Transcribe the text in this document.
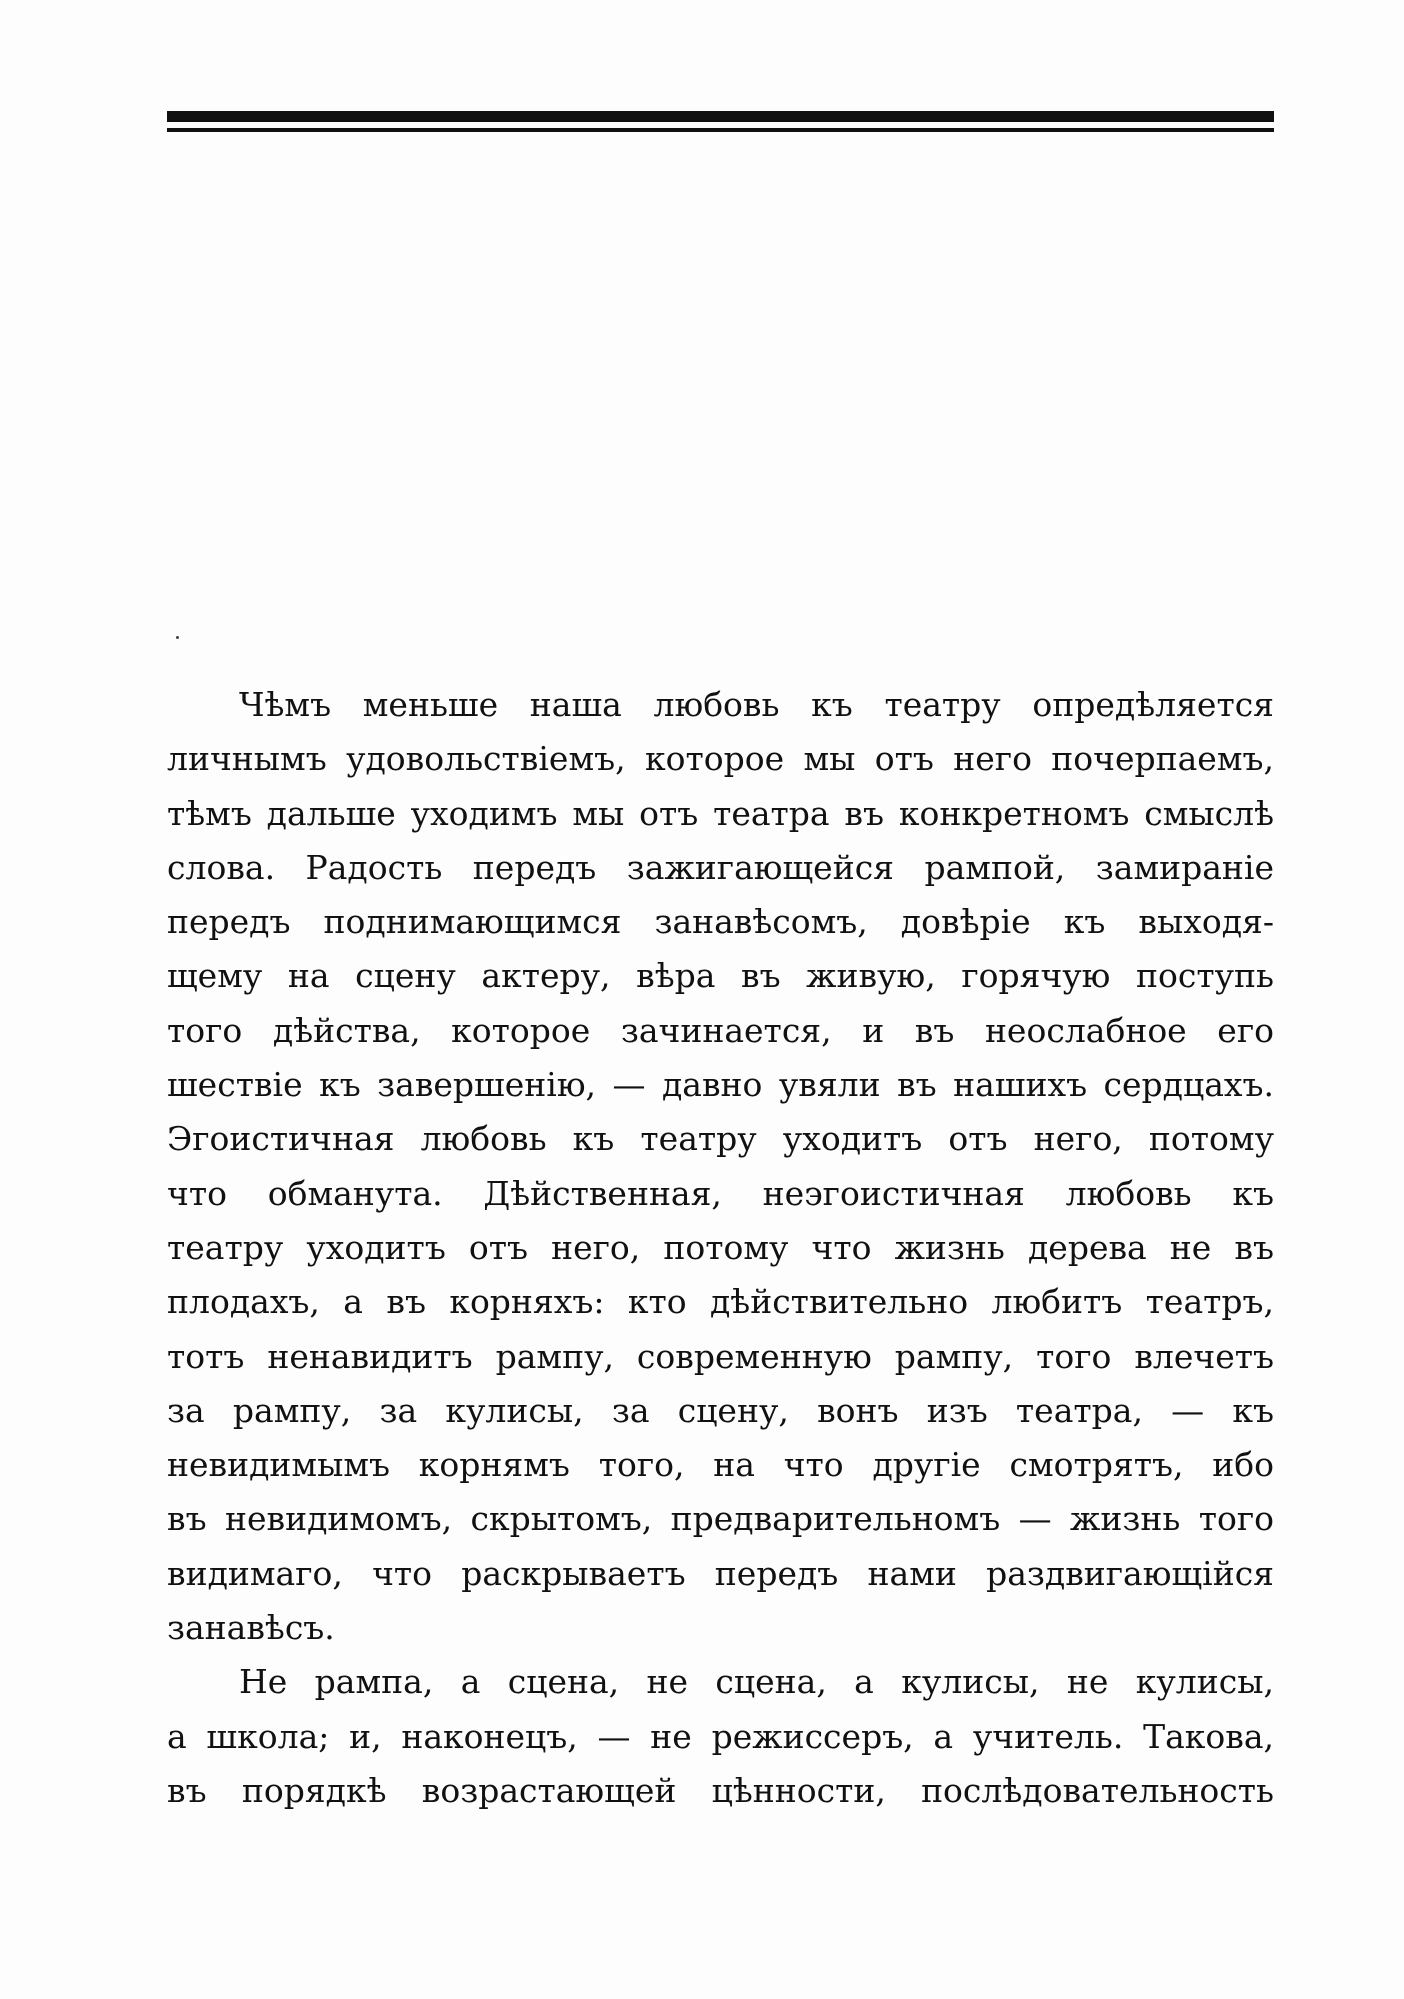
Чѣмъ меньше наша любовь къ театру опредѣляется
личнымъ удовольствіемъ, которое мы отъ него почерпаемъ,
тѣмъ дальше уходимъ мы отъ театра въ конкретномъ смыслѣ
слова. Радость передъ зажигающейся рампой, замираніе
передъ поднимающимся занавѣсомъ, довѣріе къ выходя-
щему на сцену актеру, вѣра въ живую, горячую поступь
того дѣйства, которое зачинается, и въ неослабное его
шествіе къ завершенію, — давно увяли въ нашихъ сердцахъ.
Эгоистичная любовь къ театру уходитъ отъ него, потому
что обманута. Дѣйственная, неэгоистичная любовь къ
театру уходитъ отъ него, потому что жизнь дерева не въ
плодахъ, а въ корняхъ: кто дѣйствительно любитъ театръ,
тотъ ненавидитъ рампу, современную рампу, того влечетъ
за рампу, за кулисы, за сцену, вонъ изъ театра, — къ
невидимымъ корнямъ того, на что другіе смотрятъ, ибо
въ невидимомъ, скрытомъ, предварительномъ — жизнь того
видимаго, что раскрываетъ передъ нами раздвигающійся
занавѣсъ.
Не рампа, а сцена, не сцена, а кулисы, не кулисы,
а школа; и, наконецъ, — не режиссеръ, а учитель. Такова,
въ порядкѣ возрастающей цѣнности, послѣдовательность
